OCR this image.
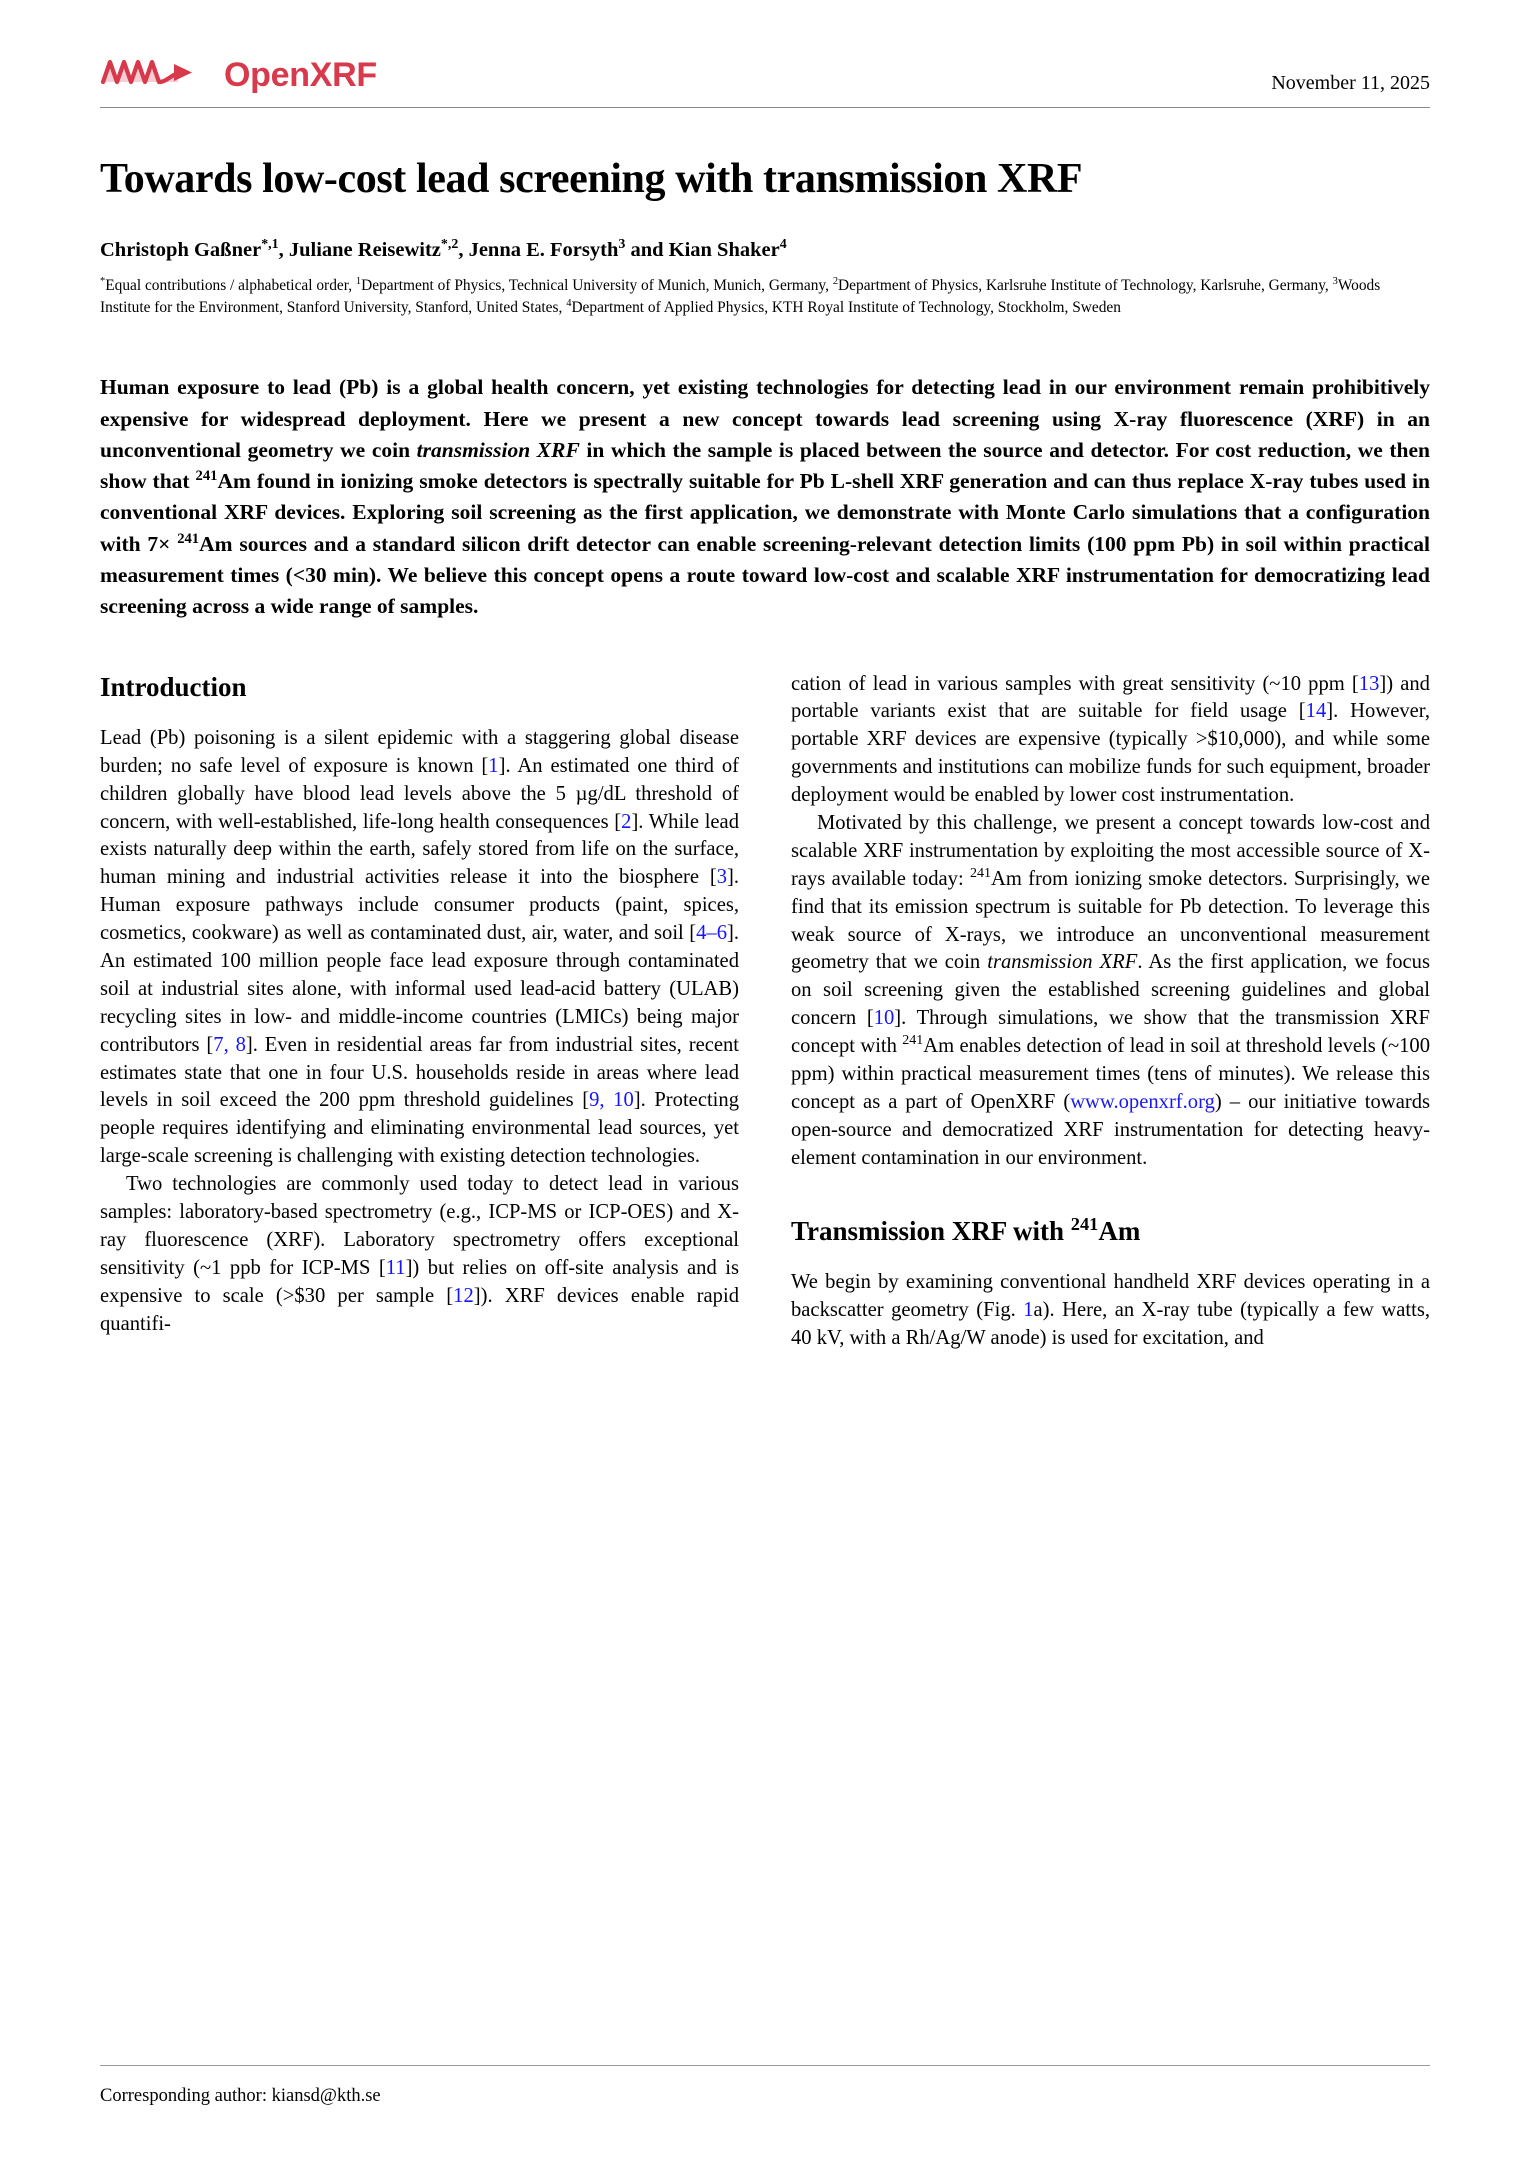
OpenXRF	November 11, 2025
Towards low-cost lead screening with transmission XRF
Christoph Gaßner$^{*,1}$, Juliane Reisewitz$^{*,2}$, Jenna E. Forsyth$^3$ and Kian Shaker$^4$
*Equal contributions / alphabetical order, $^1$Department of Physics, Technical University of Munich, Munich, Germany, $^2$Department of Physics, Karlsruhe Institute of Technology, Karlsruhe, Germany, $^3$Woods Institute for the Environment, Stanford University, Stanford, United States, $^4$Department of Applied Physics, KTH Royal Institute of Technology, Stockholm, Sweden
Human exposure to lead (Pb) is a global health concern, yet existing technologies for detecting lead in our environment remain prohibitively expensive for widespread deployment. Here we present a new concept towards lead screening using X-ray fluorescence (XRF) in an unconventional geometry we coin transmission XRF in which the sample is placed between the source and detector. For cost reduction, we then show that $^{241}$Am found in ionizing smoke detectors is spectrally suitable for Pb L-shell XRF generation and can thus replace X-ray tubes used in conventional XRF devices. Exploring soil screening as the first application, we demonstrate with Monte Carlo simulations that a configuration with 7× $^{241}$Am sources and a standard silicon drift detector can enable screening-relevant detection limits (100 ppm Pb) in soil within practical measurement times (<30 min). We believe this concept opens a route toward low-cost and scalable XRF instrumentation for democratizing lead screening across a wide range of samples.
Introduction

Lead (Pb) poisoning is a silent epidemic with a staggering global disease burden; no safe level of exposure is known [1]. An estimated one third of children globally have blood lead levels above the 5 µg/dL threshold of concern, with well-established, life-long health consequences [2]. While lead exists naturally deep within the earth, safely stored from life on the surface, human mining and industrial activities release it into the biosphere [3]. Human exposure pathways include consumer products (paint, spices, cosmetics, cookware) as well as contaminated dust, air, water, and soil [4–6]. An estimated 100 million people face lead exposure through contaminated soil at industrial sites alone, with informal used lead-acid battery (ULAB) recycling sites in low- and middle-income countries (LMICs) being major contributors [7, 8]. Even in residential areas far from industrial sites, recent estimates state that one in four U.S. households reside in areas where lead levels in soil exceed the 200 ppm threshold guidelines [9, 10]. Protecting people requires identifying and eliminating environmental lead sources, yet large-scale screening is challenging with existing detection technologies.

Two technologies are commonly used today to detect lead in various samples: laboratory-based spectrometry (e.g., ICP-MS or ICP-OES) and X-ray fluorescence (XRF). Laboratory spectrometry offers exceptional sensitivity (~1 ppb for ICP-MS [11]) but relies on off-site analysis and is expensive to scale (>$30 per sample [12]). XRF devices enable rapid quantifi-

cation of lead in various samples with great sensitivity (~10 ppm [13]) and portable variants exist that are suitable for field usage [14]. However, portable XRF devices are expensive (typically >$10,000), and while some governments and institutions can mobilize funds for such equipment, broader deployment would be enabled by lower cost instrumentation.

Motivated by this challenge, we present a concept towards low-cost and scalable XRF instrumentation by exploiting the most accessible source of X-rays available today: $^{241}$Am from ionizing smoke detectors. Surprisingly, we find that its emission spectrum is suitable for Pb detection. To leverage this weak source of X-rays, we introduce an unconventional measurement geometry that we coin transmission XRF. As the first application, we focus on soil screening given the established screening guidelines and global concern [10]. Through simulations, we show that the transmission XRF concept with $^{241}$Am enables detection of lead in soil at threshold levels (~100 ppm) within practical measurement times (tens of minutes). We release this concept as a part of OpenXRF (www.openxrf.org) – our initiative towards open-source and democratized XRF instrumentation for detecting heavy-element contamination in our environment.

Transmission XRF with $^{241}$Am

We begin by examining conventional handheld XRF devices operating in a backscatter geometry (Fig. 1a). Here, an X-ray tube (typically a few watts, 40 kV, with a Rh/Ag/W anode) is used for excitation, and

Corresponding author: kiansd@kth.se
